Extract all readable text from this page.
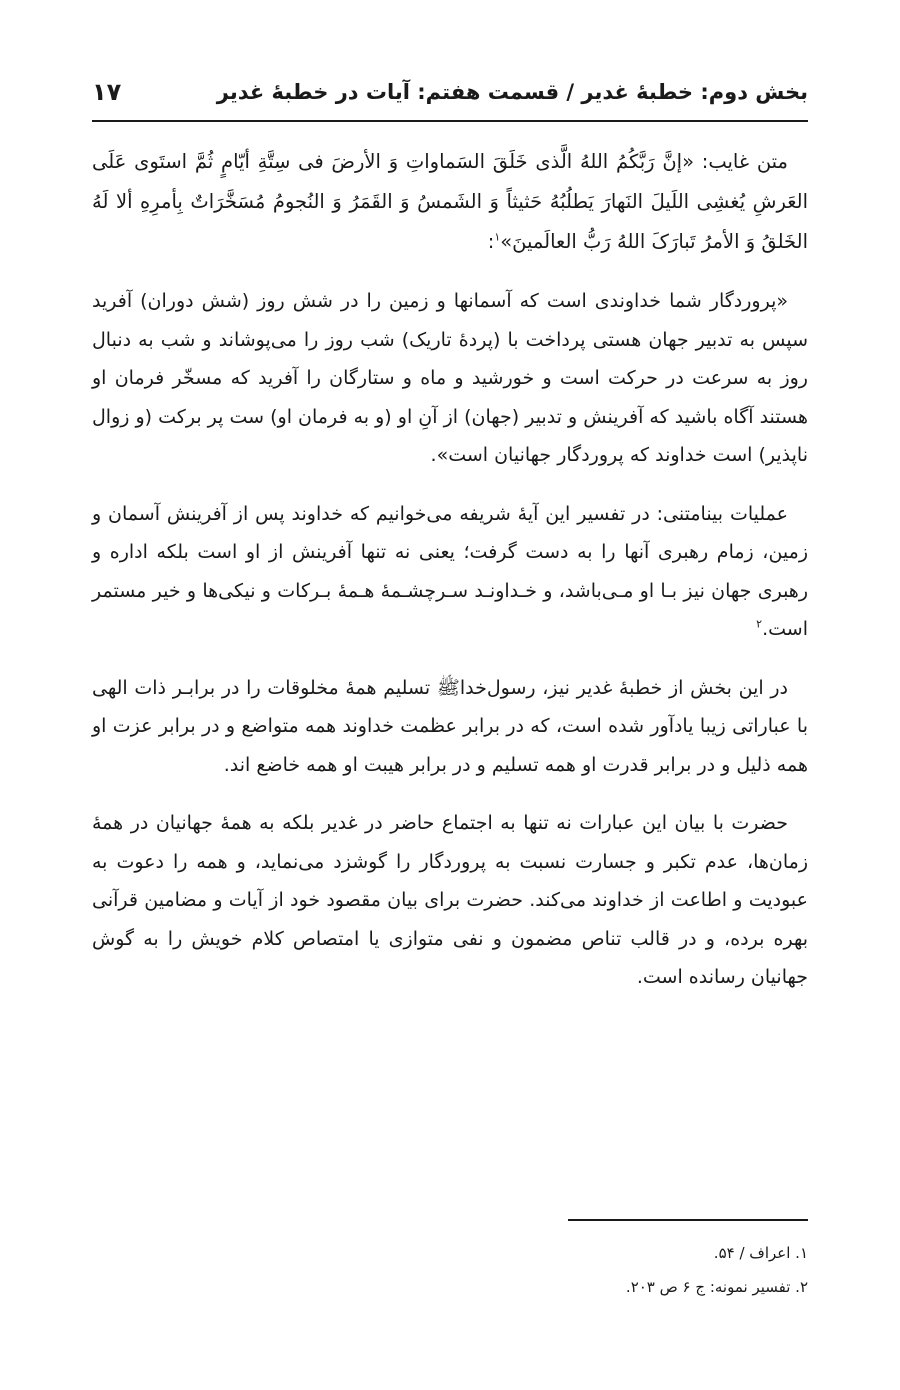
بخش دوم: خطبهٔ غدیر / قسمت هفتم: آیات در خطبهٔ غدیر
۱۷

متن غایب: «إنَّ رَبَّکُمُ اللهُ الَّذی خَلَقَ السَماواتِ وَ الأرضَ فی سِتَّةِ أیّامٍ ثُمَّ استَوی عَلَی العَرشِ یُغشِی اللَیلَ النَهارَ یَطلُبُهُ حَثیثاً وَ الشَمسُ وَ القَمَرُ وَ النُجومُ مُسَخَّرَاتٌ بِأمرِهِ ألا لَهُ الخَلقُ وَ الأمرُ تَبارَکَ اللهُ رَبُّ العالَمینَ»$^۱$:

«پروردگار شما خداوندی است که آسمانها و زمین را در شش روز (شش دوران) آفرید سپس به تدبیر جهان هستی پرداخت با (پردهٔ تاریک) شب روز را می‌پوشاند و شب به دنبال روز به سرعت در حرکت است و خورشید و ماه و ستارگان را آفرید که مسخّر فرمان او هستند آگاه باشید که آفرینش و تدبیر (جهان) از آنِ او (و به فرمان او) ست پر برکت (و زوال ناپذیر) است خداوند که پروردگار جهانیان است».

عملیات بینامتنی: در تفسیر این آیهٔ شریفه می‌خوانیم که خداوند پس از آفرینش آسمان و زمین، زمام رهبری آنها را به دست گرفت؛ یعنی نه تنها آفرینش از او است بلکه اداره و رهبری جهان نیز بـا او مـی‌باشد، و خـداونـد سـرچشـمهٔ هـمهٔ بـرکات و نیکی‌ها و خیر مستمر است.$^۲$

در این بخش از خطبهٔ غدیر نیز، رسول‌خداﷺ تسلیم همهٔ مخلوقات را در برابـر ذات الهی با عباراتی زیبا یادآور شده است، که در برابر عظمت خداوند همه متواضع و در برابر عزت او همه ذلیل و در برابر قدرت او همه تسلیم و در برابر هیبت او همه خاضع اند.

حضرت با بیان این عبارات نه تنها به اجتماع حاضر در غدیر بلکه به همهٔ جهانیان در همهٔ زمان‌ها، عدم تکبر و جسارت نسبت به پروردگار را گوشزد می‌نماید، و همه را دعوت به عبودیت و اطاعت از خداوند می‌کند. حضرت برای بیان مقصود خود از آیات و مضامین قرآنی بهره برده، و در قالب تناص مضمون و نفی متوازی یا امتصاص کلام خویش را به گوش جهانیان رسانده است.

۱. اعراف / ۵۴.

۲. تفسیر نمونه: ج ۶ ص ۲۰۳.
